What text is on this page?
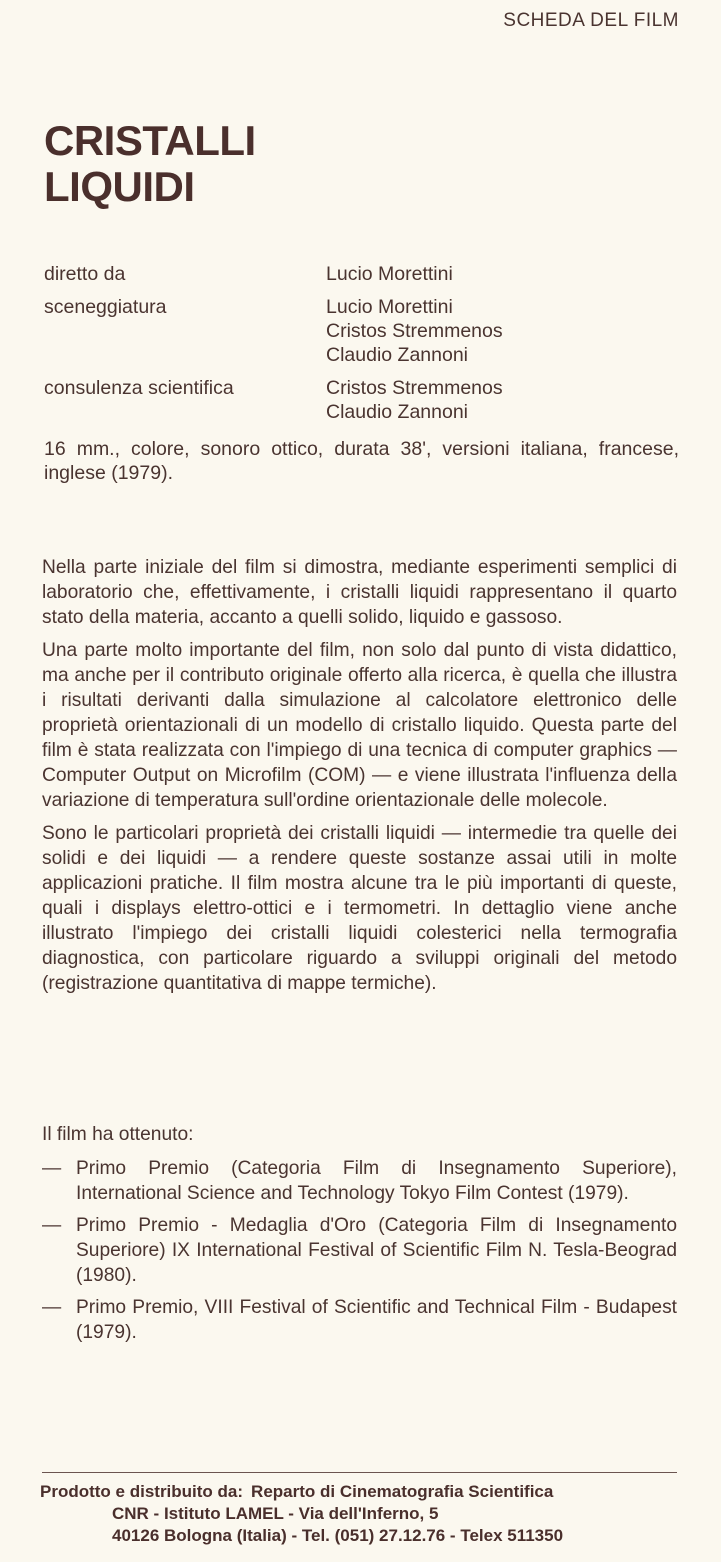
SCHEDA DEL FILM
CRISTALLI
LIQUIDI
diretto da	Lucio Morettini
sceneggiatura	Lucio Morettini
Cristos Stremmenos
Claudio Zannoni
consulenza scientifica	Cristos Stremmenos
Claudio Zannoni

16 mm., colore, sonoro ottico, durata 38', versioni italiana, francese, inglese (1979).

Nella parte iniziale del film si dimostra, mediante esperimenti semplici di laboratorio che, effettivamente, i cristalli liquidi rappresentano il quarto stato della materia, accanto a quelli solido, liquido e gassoso.

Una parte molto importante del film, non solo dal punto di vista didattico, ma anche per il contributo originale offerto alla ricerca, è quella che illustra i risultati derivanti dalla simulazione al calcolatore elettronico delle proprietà orientazionali di un modello di cristallo liquido. Questa parte del film è stata realizzata con l'impiego di una tecnica di computer graphics — Computer Output on Microfilm (COM) — e viene illustrata l'influenza della variazione di temperatura sull'ordine orientazionale delle molecole.

Sono le particolari proprietà dei cristalli liquidi — intermedie tra quelle dei solidi e dei liquidi — a rendere queste sostanze assai utili in molte applicazioni pratiche. Il film mostra alcune tra le più importanti di queste, quali i displays elettro-ottici e i termometri. In dettaglio viene anche illustrato l'impiego dei cristalli liquidi colesterici nella termografia diagnostica, con particolare riguardo a sviluppi originali del metodo (registrazione quantitativa di mappe termiche).

Il film ha ottenuto:

— Primo Premio (Categoria Film di Insegnamento Superiore), International Science and Technology Tokyo Film Contest (1979).
— Primo Premio - Medaglia d'Oro (Categoria Film di Insegnamento Superiore) IX International Festival of Scientific Film N. Tesla-Beograd (1980).
— Primo Premio, VIII Festival of Scientific and Technical Film - Budapest (1979).
Prodotto e distribuito da: Reparto di Cinematografia Scientifica
CNR - Istituto LAMEL - Via dell'Inferno, 5
40126 Bologna (Italia) - Tel. (051) 27.12.76 - Telex 511350
